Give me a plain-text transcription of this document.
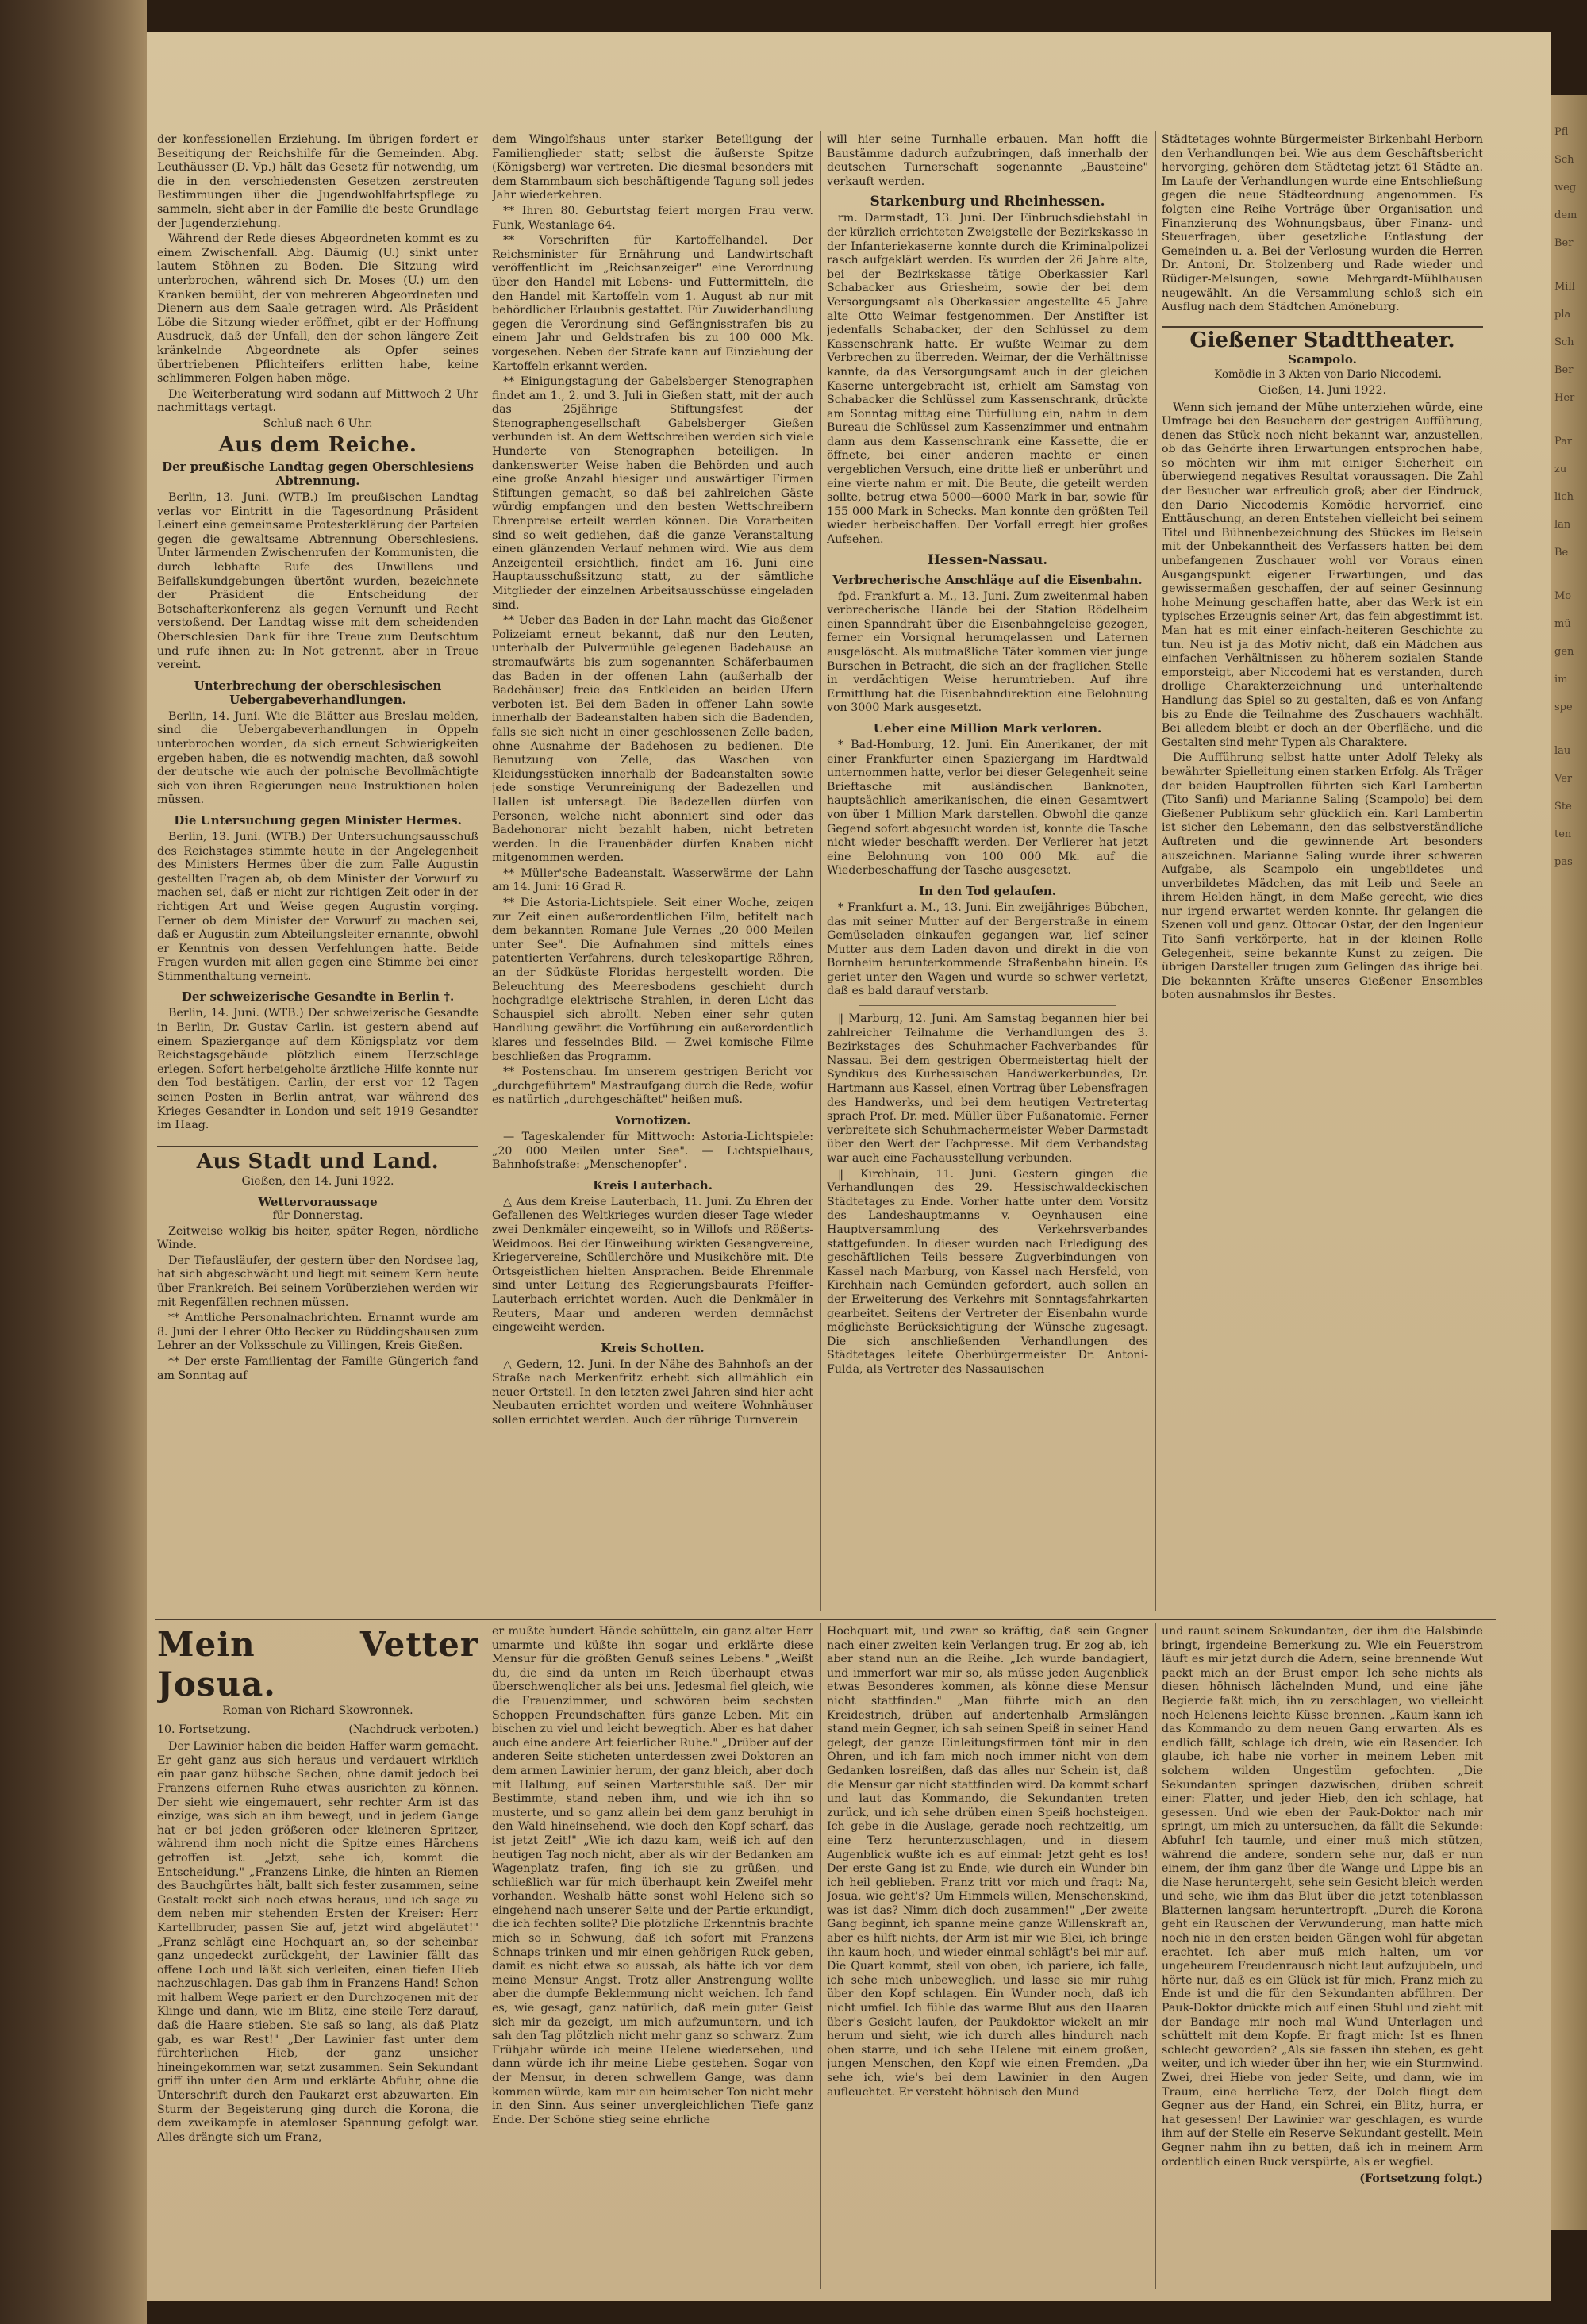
Pfl
Sch
weg
dem
Ber
Mill
pla
Sch
Ber
Her
Par
zu
lich
lan
Be
Mo
mü
gen
im
spe
lau
Ver
Ste
ten
pas

der konfessionellen Erziehung. Im übrigen fordert er Beseitigung der Reichshilfe für die Gemeinden. Abg. Leuthäusser (D. Vp.) hält das Gesetz für notwendig, um die in den verschiedensten Gesetzen zerstreuten Bestimmungen über die Jugendwohlfahrtspflege zu sammeln, sieht aber in der Familie die beste Grundlage der Jugenderziehung.

Während der Rede dieses Abgeordneten kommt es zu einem Zwischenfall. Abg. Däumig (U.) sinkt unter lautem Stöhnen zu Boden. Die Sitzung wird unterbrochen, während sich Dr. Moses (U.) um den Kranken bemüht, der von mehreren Abgeordneten und Dienern aus dem Saale getragen wird. Als Präsident Löbe die Sitzung wieder eröffnet, gibt er der Hoffnung Ausdruck, daß der Unfall, den der schon längere Zeit kränkelnde Abgeordnete als Opfer seines übertriebenen Pflichteifers erlitten habe, keine schlimmeren Folgen haben möge.

Die Weiterberatung wird sodann auf Mittwoch 2 Uhr nachmittags vertagt.

Schluß nach 6 Uhr.

Aus dem Reiche.
Der preußische Landtag gegen Oberschlesiens Abtrennung.

Berlin, 13. Juni. (WTB.) Im preußischen Landtag verlas vor Eintritt in die Tagesordnung Präsident Leinert eine gemeinsame Protesterklärung der Parteien gegen die gewaltsame Abtrennung Oberschlesiens. Unter lärmenden Zwischenrufen der Kommunisten, die durch lebhafte Rufe des Unwillens und Beifallskundgebungen übertönt wurden, bezeichnete der Präsident die Entscheidung der Botschafterkonferenz als gegen Vernunft und Recht verstoßend. Der Landtag wisse mit dem scheidenden Oberschlesien Dank für ihre Treue zum Deutschtum und rufe ihnen zu: In Not getrennt, aber in Treue vereint.

Unterbrechung der oberschlesischen Uebergabeverhandlungen.

Berlin, 14. Juni. Wie die Blätter aus Breslau melden, sind die Uebergabeverhandlungen in Oppeln unterbrochen worden, da sich erneut Schwierigkeiten ergeben haben, die es notwendig machten, daß sowohl der deutsche wie auch der polnische Bevollmächtigte sich von ihren Regierungen neue Instruktionen holen müssen.

Die Untersuchung gegen Minister Hermes.

Berlin, 13. Juni. (WTB.) Der Untersuchungsausschuß des Reichstages stimmte heute in der Angelegenheit des Ministers Hermes über die zum Falle Augustin gestellten Fragen ab, ob dem Minister der Vorwurf zu machen sei, daß er nicht zur richtigen Zeit oder in der richtigen Art und Weise gegen Augustin vorging. Ferner ob dem Minister der Vorwurf zu machen sei, daß er Augustin zum Abteilungsleiter ernannte, obwohl er Kenntnis von dessen Verfehlungen hatte. Beide Fragen wurden mit allen gegen eine Stimme bei einer Stimmenthaltung verneint.

Der schweizerische Gesandte in Berlin †.

Berlin, 14. Juni. (WTB.) Der schweizerische Gesandte in Berlin, Dr. Gustav Carlin, ist gestern abend auf einem Spaziergange auf dem Königsplatz vor dem Reichstagsgebäude plötzlich einem Herzschlage erlegen. Sofort herbeigeholte ärztliche Hilfe konnte nur den Tod bestätigen. Carlin, der erst vor 12 Tagen seinen Posten in Berlin antrat, war während des Krieges Gesandter in London und seit 1919 Gesandter im Haag.

Aus Stadt und Land.

Gießen, den 14. Juni 1922.

Wettervoraussage

für Donnerstag.

Zeitweise wolkig bis heiter, später Regen, nördliche Winde.

Der Tiefausläufer, der gestern über den Nordsee lag, hat sich abgeschwächt und liegt mit seinem Kern heute über Frankreich. Bei seinem Vorüberziehen werden wir mit Regenfällen rechnen müssen.

** Amtliche Personalnachrichten. Ernannt wurde am 8. Juni der Lehrer Otto Becker zu Rüddingshausen zum Lehrer an der Volksschule zu Villingen, Kreis Gießen.

** Der erste Familientag der Familie Güngerich fand am Sonntag auf

dem Wingolfshaus unter starker Beteiligung der Familienglieder statt; selbst die äußerste Spitze (Königsberg) war vertreten. Die diesmal besonders mit dem Stammbaum sich beschäftigende Tagung soll jedes Jahr wiederkehren.

** Ihren 80. Geburtstag feiert morgen Frau verw. Funk, Westanlage 64.

** Vorschriften für Kartoffelhandel. Der Reichsminister für Ernährung und Landwirtschaft veröffentlicht im „Reichsanzeiger" eine Verordnung über den Handel mit Lebens- und Futtermitteln, die den Handel mit Kartoffeln vom 1. August ab nur mit behördlicher Erlaubnis gestattet. Für Zuwiderhandlung gegen die Verordnung sind Gefängnisstrafen bis zu einem Jahr und Geldstrafen bis zu 100 000 Mk. vorgesehen. Neben der Strafe kann auf Einziehung der Kartoffeln erkannt werden.

** Einigungstagung der Gabelsberger Stenographen findet am 1., 2. und 3. Juli in Gießen statt, mit der auch das 25jährige Stiftungsfest der Stenographengesellschaft Gabelsberger Gießen verbunden ist. An dem Wettschreiben werden sich viele Hunderte von Stenographen beteiligen. In dankenswerter Weise haben die Behörden und auch eine große Anzahl hiesiger und auswärtiger Firmen Stiftungen gemacht, so daß bei zahlreichen Gäste würdig empfangen und den besten Wettschreibern Ehrenpreise erteilt werden können. Die Vorarbeiten sind so weit gediehen, daß die ganze Veranstaltung einen glänzenden Verlauf nehmen wird. Wie aus dem Anzeigenteil ersichtlich, findet am 16. Juni eine Hauptausschußsitzung statt, zu der sämtliche Mitglieder der einzelnen Arbeitsausschüsse eingeladen sind.

** Ueber das Baden in der Lahn macht das Gießener Polizeiamt erneut bekannt, daß nur den Leuten, unterhalb der Pulvermühle gelegenen Badehause an stromaufwärts bis zum sogenannten Schäferbaumen das Baden in der offenen Lahn (außerhalb der Badehäuser) freie das Entkleiden an beiden Ufern verboten ist. Bei dem Baden in offener Lahn sowie innerhalb der Badeanstalten haben sich die Badenden, falls sie sich nicht in einer geschlossenen Zelle baden, ohne Ausnahme der Badehosen zu bedienen. Die Benutzung von Zelle, das Waschen von Kleidungsstücken innerhalb der Badeanstalten sowie jede sonstige Verunreinigung der Badezellen und Hallen ist untersagt. Die Badezellen dürfen von Personen, welche nicht abonniert sind oder das Badehonorar nicht bezahlt haben, nicht betreten werden. In die Frauenbäder dürfen Knaben nicht mitgenommen werden.

** Müller'sche Badeanstalt. Wasserwärme der Lahn am 14. Juni: 16 Grad R.

** Die Astoria-Lichtspiele. Seit einer Woche, zeigen zur Zeit einen außerordentlichen Film, betitelt nach dem bekannten Romane Jule Vernes „20 000 Meilen unter See". Die Aufnahmen sind mittels eines patentierten Verfahrens, durch teleskopartige Röhren, an der Südküste Floridas hergestellt worden. Die Beleuchtung des Meeresbodens geschieht durch hochgradige elektrische Strahlen, in deren Licht das Schauspiel sich abrollt. Neben einer sehr guten Handlung gewährt die Vorführung ein außerordentlich klares und fesselndes Bild. — Zwei komische Filme beschließen das Programm.

** Postenschau. Im unserem gestrigen Bericht vor „durchgeführtem" Mastraufgang durch die Rede, wofür es natürlich „durchgeschäftet" heißen muß.

Vornotizen.

— Tageskalender für Mittwoch: Astoria-Lichtspiele: „20 000 Meilen unter See". — Lichtspielhaus, Bahnhofstraße: „Menschenopfer".

Kreis Lauterbach.

△ Aus dem Kreise Lauterbach, 11. Juni. Zu Ehren der Gefallenen des Weltkrieges wurden dieser Tage wieder zwei Denkmäler eingeweiht, so in Willofs und Rößerts-Weidmoos. Bei der Einweihung wirkten Gesangvereine, Kriegervereine, Schülerchöre und Musikchöre mit. Die Ortsgeistlichen hielten Ansprachen. Beide Ehrenmale sind unter Leitung des Regierungsbaurats Pfeiffer-Lauterbach errichtet worden. Auch die Denkmäler in Reuters, Maar und anderen werden demnächst eingeweiht werden.

Kreis Schotten.

△ Gedern, 12. Juni. In der Nähe des Bahnhofs an der Straße nach Merkenfritz erhebt sich allmählich ein neuer Ortsteil. In den letzten zwei Jahren sind hier acht Neubauten errichtet worden und weitere Wohnhäuser sollen errichtet werden. Auch der rührige Turnverein

will hier seine Turnhalle erbauen. Man hofft die Baustämme dadurch aufzubringen, daß innerhalb der deutschen Turnerschaft sogenannte „Bausteine" verkauft werden.

Starkenburg und Rheinhessen.

rm. Darmstadt, 13. Juni. Der Einbruchsdiebstahl in der kürzlich errichteten Zweigstelle der Bezirkskasse in der Infanteriekaserne konnte durch die Kriminalpolizei rasch aufgeklärt werden. Es wurden der 26 Jahre alte, bei der Bezirkskasse tätige Oberkassier Karl Schabacker aus Griesheim, sowie der bei dem Versorgungsamt als Oberkassier angestellte 45 Jahre alte Otto Weimar festgenommen. Der Anstifter ist jedenfalls Schabacker, der den Schlüssel zu dem Kassenschrank hatte. Er wußte Weimar zu dem Verbrechen zu überreden. Weimar, der die Verhältnisse kannte, da das Versorgungsamt auch in der gleichen Kaserne untergebracht ist, erhielt am Samstag von Schabacker die Schlüssel zum Kassenschrank, drückte am Sonntag mittag eine Türfüllung ein, nahm in dem Bureau die Schlüssel zum Kassenzimmer und entnahm dann aus dem Kassenschrank eine Kassette, die er öffnete, bei einer anderen machte er einen vergeblichen Versuch, eine dritte ließ er unberührt und eine vierte nahm er mit. Die Beute, die geteilt werden sollte, betrug etwa 5000—6000 Mark in bar, sowie für 155 000 Mark in Schecks. Man konnte den größten Teil wieder herbeischaffen. Der Vorfall erregt hier großes Aufsehen.

Hessen-Nassau.
Verbrecherische Anschläge auf die Eisenbahn.

fpd. Frankfurt a. M., 13. Juni. Zum zweitenmal haben verbrecherische Hände bei der Station Rödelheim einen Spanndraht über die Eisenbahngeleise gezogen, ferner ein Vorsignal herumgelassen und Laternen ausgelöscht. Als mutmaßliche Täter kommen vier junge Burschen in Betracht, die sich an der fraglichen Stelle in verdächtigen Weise herumtrieben. Auf ihre Ermittlung hat die Eisenbahndirektion eine Belohnung von 3000 Mark ausgesetzt.

Ueber eine Million Mark verloren.

* Bad-Homburg, 12. Juni. Ein Amerikaner, der mit einer Frankfurter einen Spaziergang im Hardtwald unternommen hatte, verlor bei dieser Gelegenheit seine Brieftasche mit ausländischen Banknoten, hauptsächlich amerikanischen, die einen Gesamtwert von über 1 Million Mark darstellen. Obwohl die ganze Gegend sofort abgesucht worden ist, konnte die Tasche nicht wieder beschafft werden. Der Verlierer hat jetzt eine Belohnung von 100 000 Mk. auf die Wiederbeschaffung der Tasche ausgesetzt.

In den Tod gelaufen.

* Frankfurt a. M., 13. Juni. Ein zweijähriges Bübchen, das mit seiner Mutter auf der Bergerstraße in einem Gemüseladen einkaufen gegangen war, lief seiner Mutter aus dem Laden davon und direkt in die von Bornheim herunterkommende Straßenbahn hinein. Es geriet unter den Wagen und wurde so schwer verletzt, daß es bald darauf verstarb.

‖ Marburg, 12. Juni. Am Samstag begannen hier bei zahlreicher Teilnahme die Verhandlungen des 3. Bezirkstages des Schuhmacher-Fachverbandes für Nassau. Bei dem gestrigen Obermeistertag hielt der Syndikus des Kurhessischen Handwerkerbundes, Dr. Hartmann aus Kassel, einen Vortrag über Lebensfragen des Handwerks, und bei dem heutigen Vertretertag sprach Prof. Dr. med. Müller über Fußanatomie. Ferner verbreitete sich Schuhmachermeister Weber-Darmstadt über den Wert der Fachpresse. Mit dem Verbandstag war auch eine Fachausstellung verbunden.

‖ Kirchhain, 11. Juni. Gestern gingen die Verhandlungen des 29. Hessischwaldeckischen Städtetages zu Ende. Vorher hatte unter dem Vorsitz des Landeshauptmanns v. Oeynhausen eine Hauptversammlung des Verkehrsverbandes stattgefunden. In dieser wurden nach Erledigung des geschäftlichen Teils bessere Zugverbindungen von Kassel nach Marburg, von Kassel nach Hersfeld, von Kirchhain nach Gemünden gefordert, auch sollen an der Erweiterung des Verkehrs mit Sonntagsfahrkarten gearbeitet. Seitens der Vertreter der Eisenbahn wurde möglichste Berücksichtigung der Wünsche zugesagt. Die sich anschließenden Verhandlungen des Städtetages leitete Oberbürgermeister Dr. Antoni-Fulda, als Vertreter des Nassauischen

Städtetages wohnte Bürgermeister Birkenbahl-Herborn den Verhandlungen bei. Wie aus dem Geschäftsbericht hervorging, gehören dem Städtetag jetzt 61 Städte an. Im Laufe der Verhandlungen wurde eine Entschließung gegen die neue Städteordnung angenommen. Es folgten eine Reihe Vorträge über Organisation und Finanzierung des Wohnungsbaus, über Finanz- und Steuerfragen, über gesetzliche Entlastung der Gemeinden u. a. Bei der Verlosung wurden die Herren Dr. Antoni, Dr. Stolzenberg und Rade wieder und Rüdiger-Melsungen, sowie Mehrgardt-Mühlhausen neugewählt. An die Versammlung schloß sich ein Ausflug nach dem Städtchen Amöneburg.

Gießener Stadttheater.
Scampolo.

Komödie in 3 Akten von Dario Niccodemi.

Gießen, 14. Juni 1922.

Wenn sich jemand der Mühe unterziehen würde, eine Umfrage bei den Besuchern der gestrigen Aufführung, denen das Stück noch nicht bekannt war, anzustellen, ob das Gehörte ihren Erwartungen entsprochen habe, so möchten wir ihm mit einiger Sicherheit ein überwiegend negatives Resultat voraussagen. Die Zahl der Besucher war erfreulich groß; aber der Eindruck, den Dario Niccodemis Komödie hervorrief, eine Enttäuschung, an deren Entstehen vielleicht bei seinem Titel und Bühnenbezeichnung des Stückes im Beisein mit der Unbekanntheit des Verfassers hatten bei dem unbefangenen Zuschauer wohl vor Voraus einen Ausgangspunkt eigener Erwartungen, und das gewissermaßen geschaffen, der auf seiner Gesinnung hohe Meinung geschaffen hatte, aber das Werk ist ein typisches Erzeugnis seiner Art, das fein abgestimmt ist. Man hat es mit einer einfach-heiteren Geschichte zu tun. Neu ist ja das Motiv nicht, daß ein Mädchen aus einfachen Verhältnissen zu höherem sozialen Stande emporsteigt, aber Niccodemi hat es verstanden, durch drollige Charakterzeichnung und unterhaltende Handlung das Spiel so zu gestalten, daß es von Anfang bis zu Ende die Teilnahme des Zuschauers wachhält. Bei alledem bleibt er doch an der Oberfläche, und die Gestalten sind mehr Typen als Charaktere.

Die Aufführung selbst hatte unter Adolf Teleky als bewährter Spielleitung einen starken Erfolg. Als Träger der beiden Hauptrollen führten sich Karl Lambertin (Tito Sanfi) und Marianne Saling (Scampolo) bei dem Gießener Publikum sehr glücklich ein. Karl Lambertin ist sicher den Lebemann, den das selbstverständliche Auftreten und die gewinnende Art besonders auszeichnen. Marianne Saling wurde ihrer schweren Aufgabe, als Scampolo ein ungebildetes und unverbildetes Mädchen, das mit Leib und Seele an ihrem Helden hängt, in dem Maße gerecht, wie dies nur irgend erwartet werden konnte. Ihr gelangen die Szenen voll und ganz. Ottocar Ostar, der den Ingenieur Tito Sanfi verkörperte, hat in der kleinen Rolle Gelegenheit, seine bekannte Kunst zu zeigen. Die übrigen Darsteller trugen zum Gelingen das ihrige bei. Die bekannten Kräfte unseres Gießener Ensembles boten ausnahmslos ihr Bestes.

Mein Vetter Josua.

Roman von Richard Skowronnek.

10. Fortsetzung.	(Nachdruck verboten.)

Der Lawinier haben die beiden Haffer warm gemacht. Er geht ganz aus sich heraus und verdauert wirklich ein paar ganz hübsche Sachen, ohne damit jedoch bei Franzens eifernen Ruhe etwas ausrichten zu können. Der sieht wie eingemauert, sehr rechter Arm ist das einzige, was sich an ihm bewegt, und in jedem Gange hat er bei jeden größeren oder kleineren Spritzer, während ihm noch nicht die Spitze eines Härchens getroffen ist. „Jetzt, sehe ich, kommt die Entscheidung." „Franzens Linke, die hinten an Riemen des Bauchgürtes hält, ballt sich fester zusammen, seine Gestalt reckt sich noch etwas heraus, und ich sage zu dem neben mir stehenden Ersten der Kreiser: Herr Kartellbruder, passen Sie auf, jetzt wird abgeläutet!" „Franz schlägt eine Hochquart an, so der scheinbar ganz ungedeckt zurückgeht, der Lawinier fällt das offene Loch und läßt sich verleiten, einen tiefen Hieb nachzuschlagen. Das gab ihm in Franzens Hand! Schon mit halbem Wege pariert er den Durchzogenen mit der Klinge und dann, wie im Blitz, eine steile Terz darauf, daß die Haare stieben. Sie saß so lang, als daß Platz gab, es war Rest!" „Der Lawinier fast unter dem fürchterlichen Hieb, der ganz unsicher hineingekommen war, setzt zusammen. Sein Sekundant griff ihn unter den Arm und erklärte Abfuhr, ohne die Unterschrift durch den Paukarzt erst abzuwarten. Ein Sturm der Begeisterung ging durch die Korona, die dem zweikampfe in atemloser Spannung gefolgt war. Alles drängte sich um Franz,

er mußte hundert Hände schütteln, ein ganz alter Herr umarmte und küßte ihn sogar und erklärte diese Mensur für die größten Genuß seines Lebens." „Weißt du, die sind da unten im Reich überhaupt etwas überschwenglicher als bei uns. Jedesmal fiel gleich, wie die Frauenzimmer, und schwören beim sechsten Schoppen Freundschaften fürs ganze Leben. Mit ein bischen zu viel und leicht bewegtich. Aber es hat daher auch eine andere Art feierlicher Ruhe." „Drüber auf der anderen Seite sticheten unterdessen zwei Doktoren an dem armen Lawinier herum, der ganz bleich, aber doch mit Haltung, auf seinen Marterstuhle saß. Der mir Bestimmte, stand neben ihm, und wie ich ihn so musterte, und so ganz allein bei dem ganz beruhigt in den Wald hineinsehend, wie doch den Kopf scharf, das ist jetzt Zeit!" „Wie ich dazu kam, weiß ich auf den heutigen Tag noch nicht, aber als wir der Bedanken am Wagenplatz trafen, fing ich sie zu grüßen, und schließlich war für mich überhaupt kein Zweifel mehr vorhanden. Weshalb hätte sonst wohl Helene sich so eingehend nach unserer Seite und der Partie erkundigt, die ich fechten sollte? Die plötzliche Erkenntnis brachte mich so in Schwung, daß ich sofort mit Franzens Schnaps trinken und mir einen gehörigen Ruck geben, damit es nicht etwa so aussah, als hätte ich vor dem meine Mensur Angst. Trotz aller Anstrengung wollte aber die dumpfe Beklemmung nicht weichen. Ich fand es, wie gesagt, ganz natürlich, daß mein guter Geist sich mir da gezeigt, um mich aufzumuntern, und ich sah den Tag plötzlich nicht mehr ganz so schwarz. Zum Frühjahr würde ich meine Helene wiedersehen, und dann würde ich ihr meine Liebe gestehen. Sogar von der Mensur, in deren schwellem Gange, was dann kommen würde, kam mir ein heimischer Ton nicht mehr in den Sinn. Aus seiner unvergleichlichen Tiefe ganz Ende. Der Schöne stieg seine ehrliche

Hochquart mit, und zwar so kräftig, daß sein Gegner nach einer zweiten kein Verlangen trug. Er zog ab, ich aber stand nun an die Reihe. „Ich wurde bandagiert, und immerfort war mir so, als müsse jeden Augenblick etwas Besonderes kommen, als könne diese Mensur nicht stattfinden." „Man führte mich an den Kreidestrich, drüben auf andertenhalb Armslängen stand mein Gegner, ich sah seinen Speiß in seiner Hand gelegt, der ganze Einleitungsfirmen tönt mir in den Ohren, und ich fam mich noch immer nicht von dem Gedanken losreißen, daß das alles nur Schein ist, daß die Mensur gar nicht stattfinden wird. Da kommt scharf und laut das Kommando, die Sekundanten treten zurück, und ich sehe drüben einen Speiß hochsteigen. Ich gebe in die Auslage, gerade noch rechtzeitig, um eine Terz herunterzuschlagen, und in diesem Augenblick wußte ich es auf einmal: Jetzt geht es los! Der erste Gang ist zu Ende, wie durch ein Wunder bin ich heil geblieben. Franz tritt vor mich und fragt: Na, Josua, wie geht's? Um Himmels willen, Menschenskind, was ist das? Nimm dich doch zusammen!" „Der zweite Gang beginnt, ich spanne meine ganze Willenskraft an, aber es hilft nichts, der Arm ist mir wie Blei, ich bringe ihn kaum hoch, und wieder einmal schlägt's bei mir auf. Die Quart kommt, steil von oben, ich pariere, ich falle, ich sehe mich unbeweglich, und lasse sie mir ruhig über den Kopf schlagen. Ein Wunder noch, daß ich nicht umfiel. Ich fühle das warme Blut aus den Haaren über's Gesicht laufen, der Paukdoktor wickelt an mir herum und sieht, wie ich durch alles hindurch nach oben starre, und ich sehe Helene mit einem großen, jungen Menschen, den Kopf wie einen Fremden. „Da sehe ich, wie's bei dem Lawinier in den Augen aufleuchtet. Er versteht höhnisch den Mund

und raunt seinem Sekundanten, der ihm die Halsbinde bringt, irgendeine Bemerkung zu. Wie ein Feuerstrom läuft es mir jetzt durch die Adern, seine brennende Wut packt mich an der Brust empor. Ich sehe nichts als diesen höhnisch lächelnden Mund, und eine jähe Begierde faßt mich, ihn zu zerschlagen, wo vielleicht noch Helenens leichte Küsse brennen. „Kaum kann ich das Kommando zu dem neuen Gang erwarten. Als es endlich fällt, schlage ich drein, wie ein Rasender. Ich glaube, ich habe nie vorher in meinem Leben mit solchem wilden Ungestüm gefochten. „Die Sekundanten springen dazwischen, drüben schreit einer: Flatter, und jeder Hieb, den ich schlage, hat gesessen. Und wie eben der Pauk-Doktor nach mir springt, um mich zu untersuchen, da fällt die Sekunde: Abfuhr! Ich taumle, und einer muß mich stützen, während die andere, sondern sehe nur, daß er nun einem, der ihm ganz über die Wange und Lippe bis an die Nase heruntergeht, sehe sein Gesicht bleich werden und sehe, wie ihm das Blut über die jetzt totenblassen Blatternen langsam heruntertropft. „Durch die Korona geht ein Rauschen der Verwunderung, man hatte mich noch nie in den ersten beiden Gängen wohl für abgetan erachtet. Ich aber muß mich halten, um vor ungeheurem Freudenrausch nicht laut aufzujubeln, und hörte nur, daß es ein Glück ist für mich, Franz mich zu Ende ist und die für den Sekundanten abführen. Der Pauk-Doktor drückte mich auf einen Stuhl und zieht mit der Bandage mir noch mal Wund Unterlagen und schüttelt mit dem Kopfe. Er fragt mich: Ist es Ihnen schlecht geworden? „Als sie fassen ihn stehen, es geht weiter, und ich wieder über ihn her, wie ein Sturmwind. Zwei, drei Hiebe von jeder Seite, und dann, wie im Traum, eine herrliche Terz, der Dolch fliegt dem Gegner aus der Hand, ein Schrei, ein Blitz, hurra, er hat gesessen! Der Lawinier war geschlagen, es wurde ihm auf der Stelle ein Reserve-Sekundant gestellt. Mein Gegner nahm ihn zu betten, daß ich in meinem Arm ordentlich einen Ruck verspürte, als er wegfiel.

(Fortsetzung folgt.)
